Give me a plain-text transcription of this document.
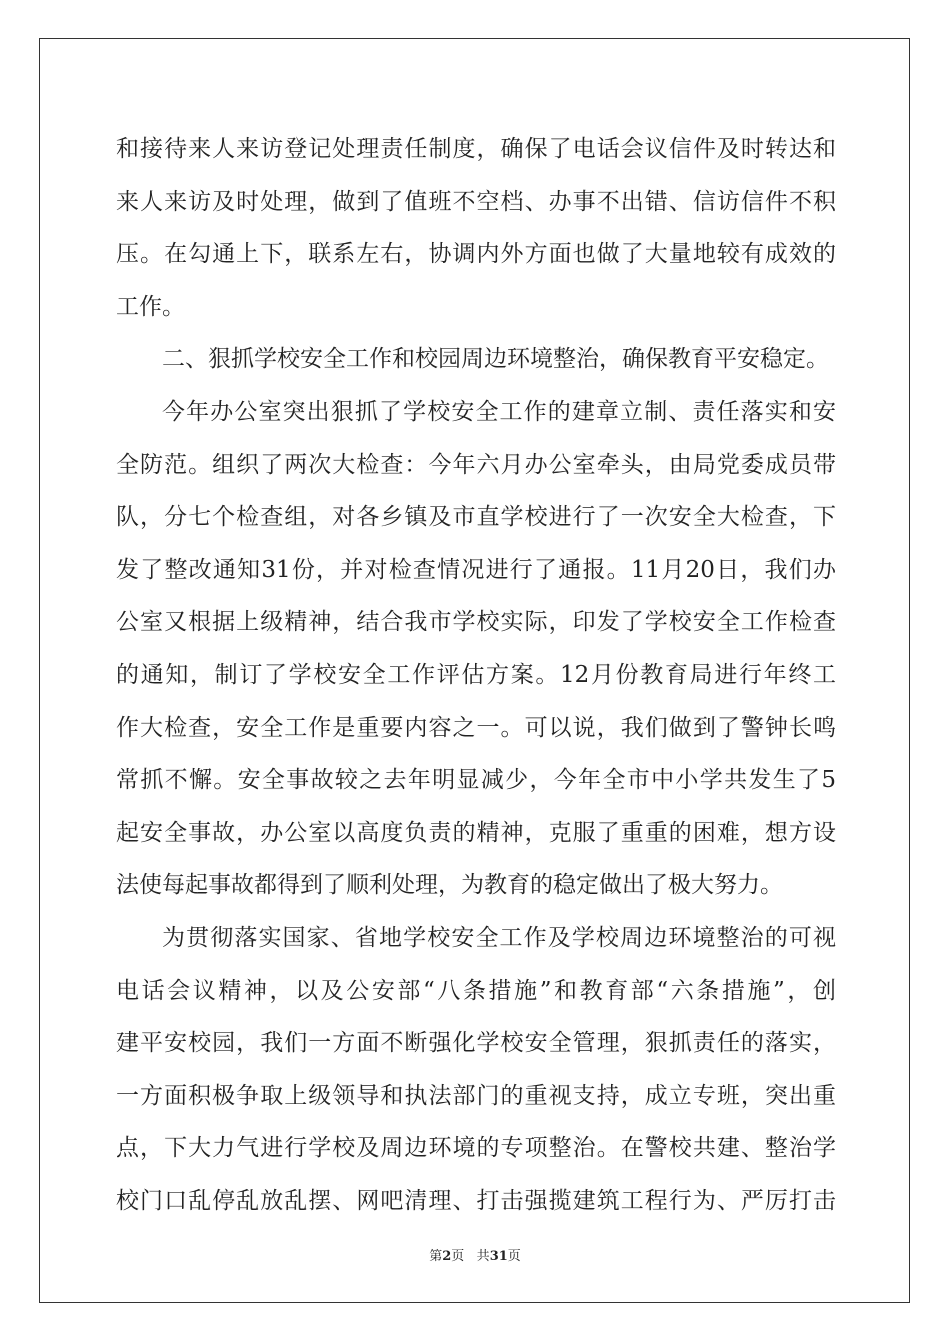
和接待来人来访登记处理责任制度，确保了电话会议信件及时转达和
来人来访及时处理，做到了值班不空档、办事不出错、信访信件不积
压。在勾通上下，联系左右，协调内外方面也做了大量地较有成效的
工作。
二、狠抓学校安全工作和校园周边环境整治，确保教育平安稳定。
今年办公室突出狠抓了学校安全工作的建章立制、责任落实和安
全防范。组织了两次大检查：今年六月办公室牵头，由局党委成员带
队，分七个检查组，对各乡镇及市直学校进行了一次安全大检查，下
发了整改通知31份，并对检查情况进行了通报。11月20日，我们办
公室又根据上级精神，结合我市学校实际，印发了学校安全工作检查
的通知，制订了学校安全工作评估方案。12月份教育局进行年终工
作大检查，安全工作是重要内容之一。可以说，我们做到了警钟长鸣
常抓不懈。安全事故较之去年明显减少，今年全市中小学共发生了5
起安全事故，办公室以高度负责的精神，克服了重重的困难，想方设
法使每起事故都得到了顺利处理，为教育的稳定做出了极大努力。
为贯彻落实国家、省地学校安全工作及学校周边环境整治的可视
电话会议精神，以及公安部“八条措施”和教育部“六条措施”，创
建平安校园，我们一方面不断强化学校安全管理，狠抓责任的落实，
一方面积极争取上级领导和执法部门的重视支持，成立专班，突出重
点，下大力气进行学校及周边环境的专项整治。在警校共建、整治学
校门口乱停乱放乱摆、网吧清理、打击强揽建筑工程行为、严厉打击
第2页 共31页
